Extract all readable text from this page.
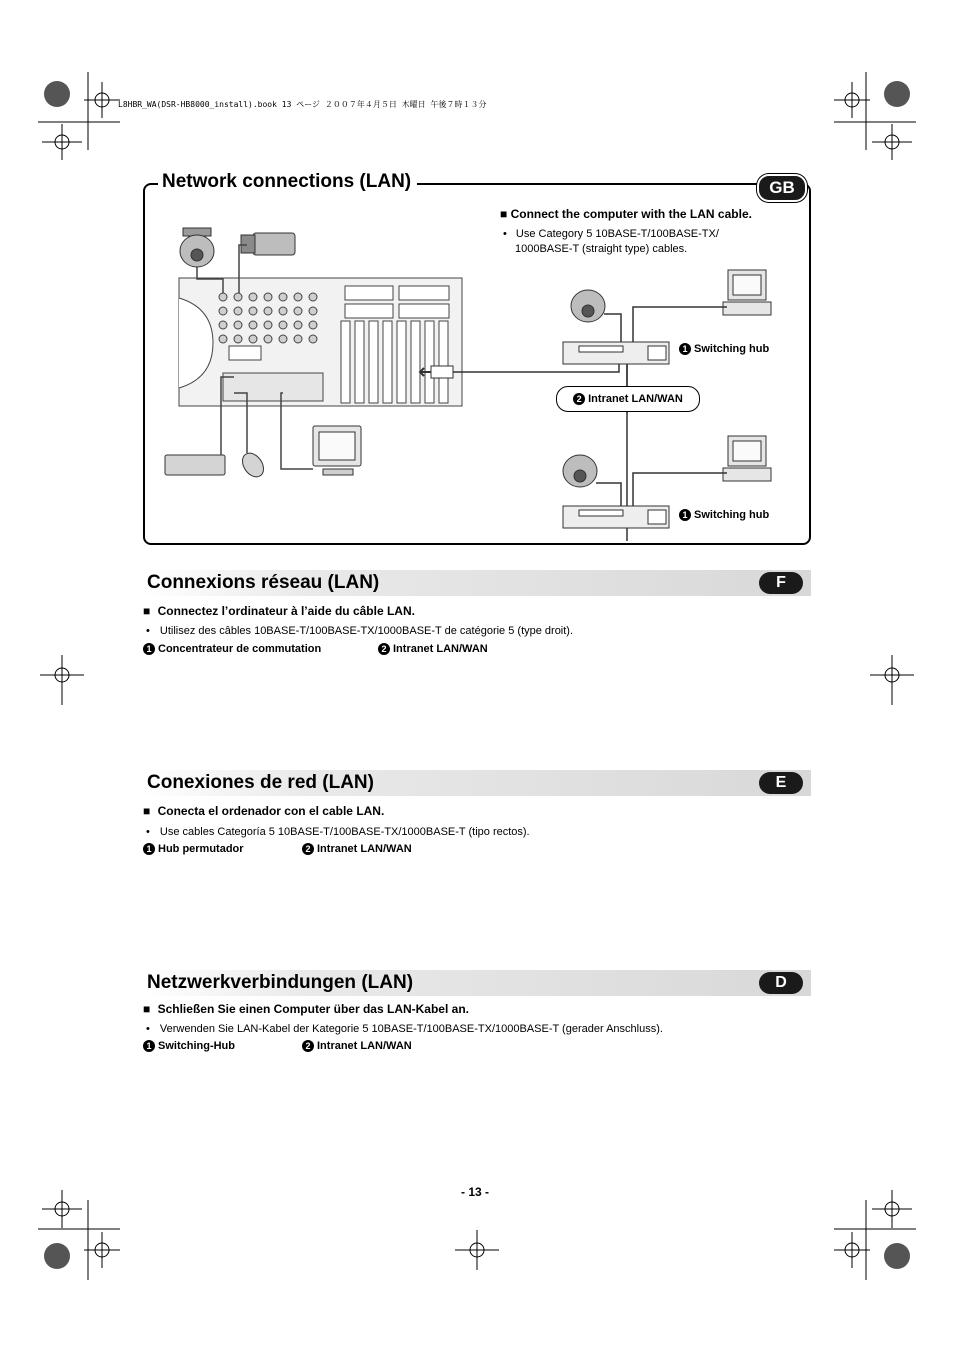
L8HBR_WA(DSR-HB8000_install).book 13 ページ ２００７年４月５日 木曜日 午後７時１３分
Network connections (LAN)	GB
■ Connect the computer with the LAN cable.
• Use Category 5 10BASE-T/100BASE-TX/
1000BASE-T (straight type) cables.
2 Intranet LAN/WAN
1 Switching hub
1 Switching hub
Connexions réseau (LAN)	F
■ Connectez l’ordinateur à l’aide du câble LAN.
• Utilisez des câbles 10BASE-T/100BASE-TX/1000BASE-T de catégorie 5 (type droit).
1 Concentrateur de commutation	2 Intranet LAN/WAN
Conexiones de red (LAN)	E
■ Conecta el ordenador con el cable LAN.
• Use cables Categoría 5 10BASE-T/100BASE-TX/1000BASE-T (tipo rectos).
1 Hub permutador	2 Intranet LAN/WAN
Netzwerkverbindungen (LAN)	D
■ Schließen Sie einen Computer über das LAN-Kabel an.
• Verwenden Sie LAN-Kabel der Kategorie 5 10BASE-T/100BASE-TX/1000BASE-T (gerader Anschluss).
1 Switching-Hub	2 Intranet LAN/WAN
- 13 -
